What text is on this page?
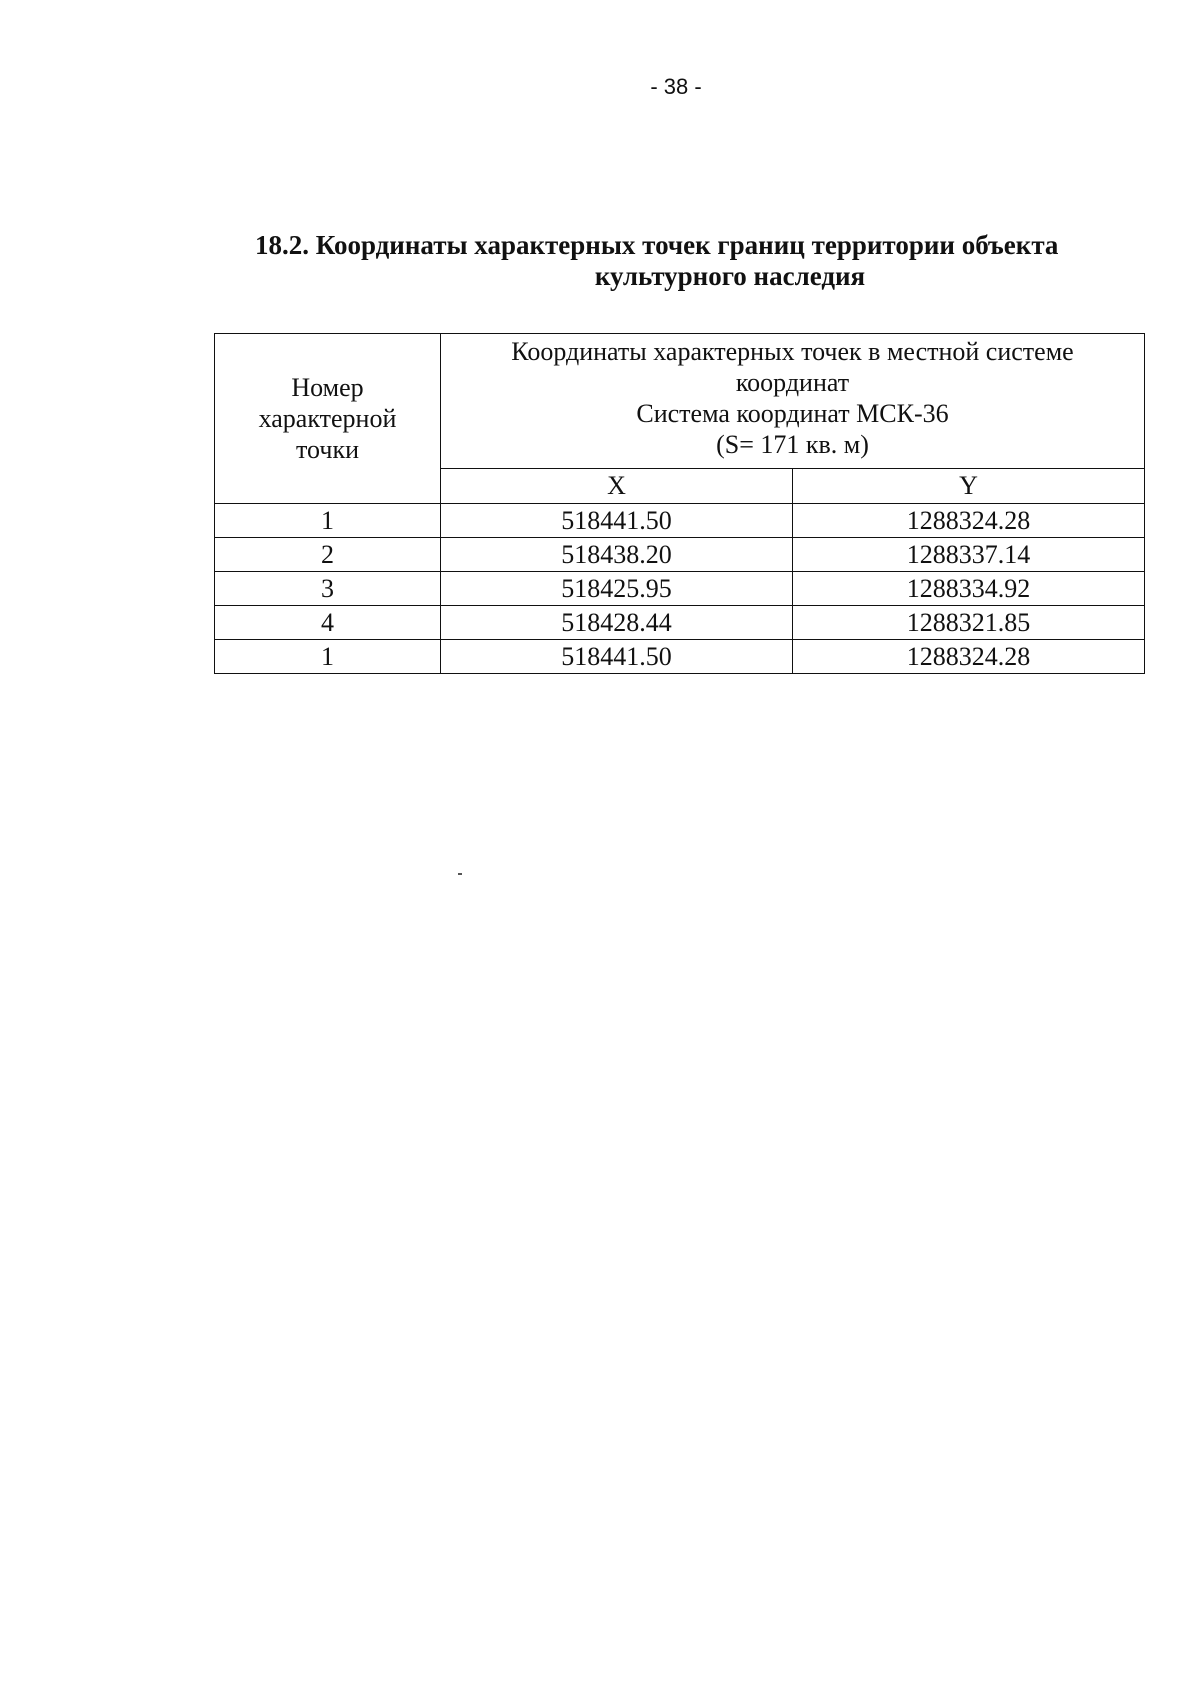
- 38 -
18.2. Координаты характерных точек границ территории объекта
культурного наследия
Номер
характерной
точки	Координаты характерных точек в местной системе
координат
Система координат МСК-36
(S= 171 кв. м)	

	X	Y
1	518441.50	1288324.28
2	518438.20	1288337.14
3	518425.95	1288334.92
4	518428.44	1288321.85
1	518441.50	1288324.28
